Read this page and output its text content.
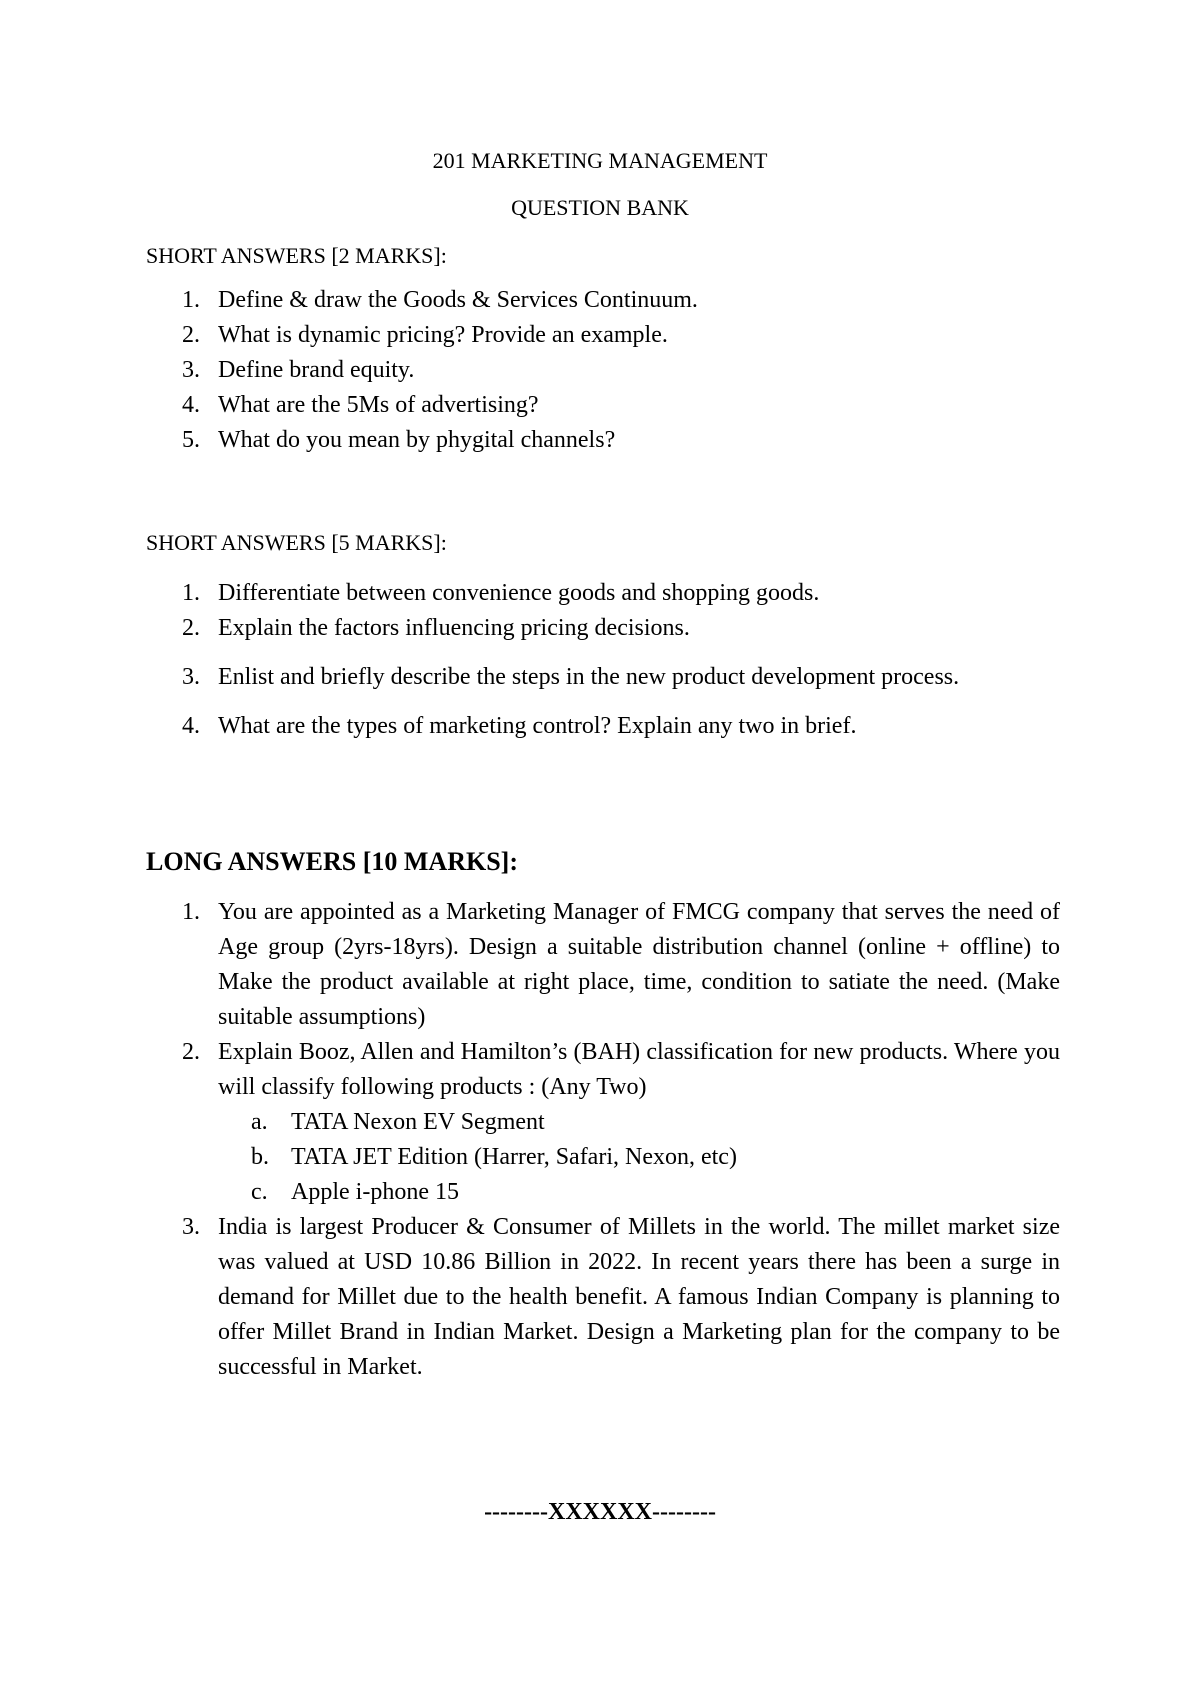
201 MARKETING MANAGEMENT
QUESTION BANK
SHORT ANSWERS [2 MARKS]:
1. Define & draw the Goods & Services Continuum.
2. What is dynamic pricing? Provide an example.
3. Define brand equity.
4. What are the 5Ms of advertising?
5. What do you mean by phygital channels?
SHORT ANSWERS [5 MARKS]:
1. Differentiate between convenience goods and shopping goods.
2. Explain the factors influencing pricing decisions.
3. Enlist and briefly describe the steps in the new product development process.
4. What are the types of marketing control? Explain any two in brief.
LONG ANSWERS [10 MARKS]:
1. You are appointed as a Marketing Manager of FMCG company that serves the need of Age group (2yrs-18yrs). Design a suitable distribution channel (online + offline) to Make the product available at right place, time, condition to satiate the need. (Make suitable assumptions)
2. Explain Booz, Allen and Hamilton’s (BAH) classification for new products. Where you will classify following products : (Any Two)
a. TATA Nexon EV Segment
b. TATA JET Edition (Harrer, Safari, Nexon, etc)
c. Apple i-phone 15
3. India is largest Producer & Consumer of Millets in the world. The millet market size was valued at USD 10.86 Billion in 2022. In recent years there has been a surge in demand for Millet due to the health benefit. A famous Indian Company is planning to offer Millet Brand in Indian Market. Design a Marketing plan for the company to be successful in Market.
--------XXXXXX--------
